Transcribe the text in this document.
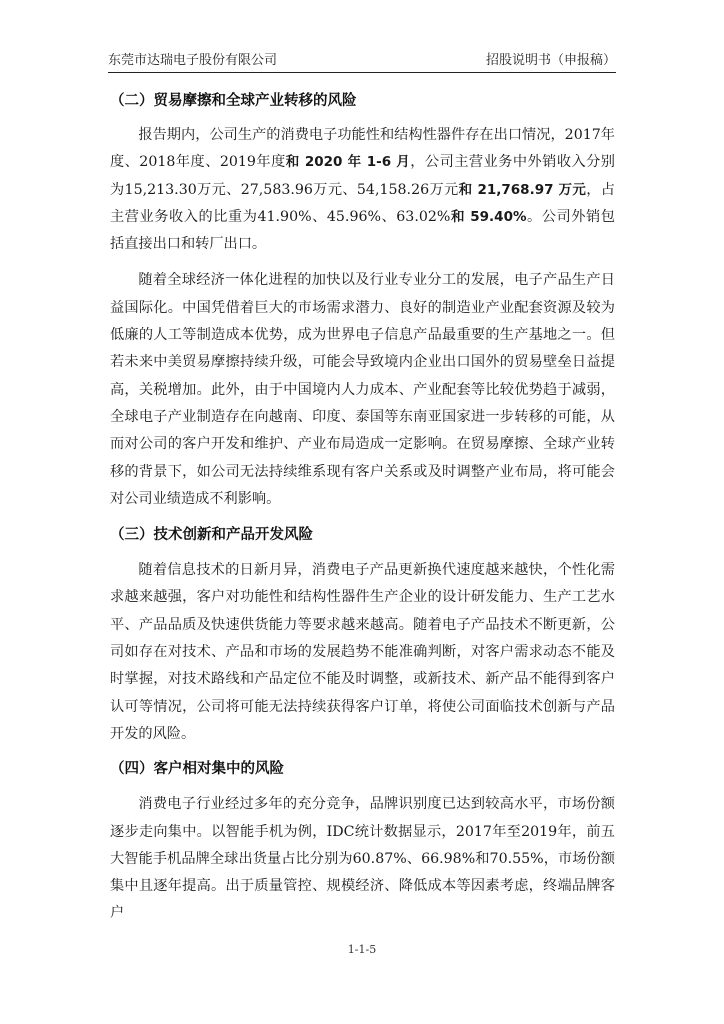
东莞市达瑞电子股份有限公司	招股说明书（申报稿）
（二）贸易摩擦和全球产业转移的风险

报告期内，公司生产的消费电子功能性和结构性器件存在出口情况，2017年度、2018年度、2019年度和 2020 年 1-6 月，公司主营业务中外销收入分别为15,213.30万元、27,583.96万元、54,158.26万元和 21,768.97 万元，占主营业务收入的比重为41.90%、45.96%、63.02%和 59.40%。公司外销包括直接出口和转厂出口。

随着全球经济一体化进程的加快以及行业专业分工的发展，电子产品生产日益国际化。中国凭借着巨大的市场需求潜力、良好的制造业产业配套资源及较为低廉的人工等制造成本优势，成为世界电子信息产品最重要的生产基地之一。但若未来中美贸易摩擦持续升级，可能会导致境内企业出口国外的贸易壁垒日益提高，关税增加。此外，由于中国境内人力成本、产业配套等比较优势趋于减弱，全球电子产业制造存在向越南、印度、泰国等东南亚国家进一步转移的可能，从而对公司的客户开发和维护、产业布局造成一定影响。在贸易摩擦、全球产业转移的背景下，如公司无法持续维系现有客户关系或及时调整产业布局，将可能会对公司业绩造成不利影响。

（三）技术创新和产品开发风险

随着信息技术的日新月异，消费电子产品更新换代速度越来越快，个性化需求越来越强，客户对功能性和结构性器件生产企业的设计研发能力、生产工艺水平、产品品质及快速供货能力等要求越来越高。随着电子产品技术不断更新，公司如存在对技术、产品和市场的发展趋势不能准确判断，对客户需求动态不能及时掌握，对技术路线和产品定位不能及时调整，或新技术、新产品不能得到客户认可等情况，公司将可能无法持续获得客户订单，将使公司面临技术创新与产品开发的风险。

（四）客户相对集中的风险

消费电子行业经过多年的充分竞争，品牌识别度已达到较高水平，市场份额逐步走向集中。以智能手机为例，IDC统计数据显示，2017年至2019年，前五大智能手机品牌全球出货量占比分别为60.87%、66.98%和70.55%，市场份额集中且逐年提高。出于质量管控、规模经济、降低成本等因素考虑，终端品牌客户

1-1-5
